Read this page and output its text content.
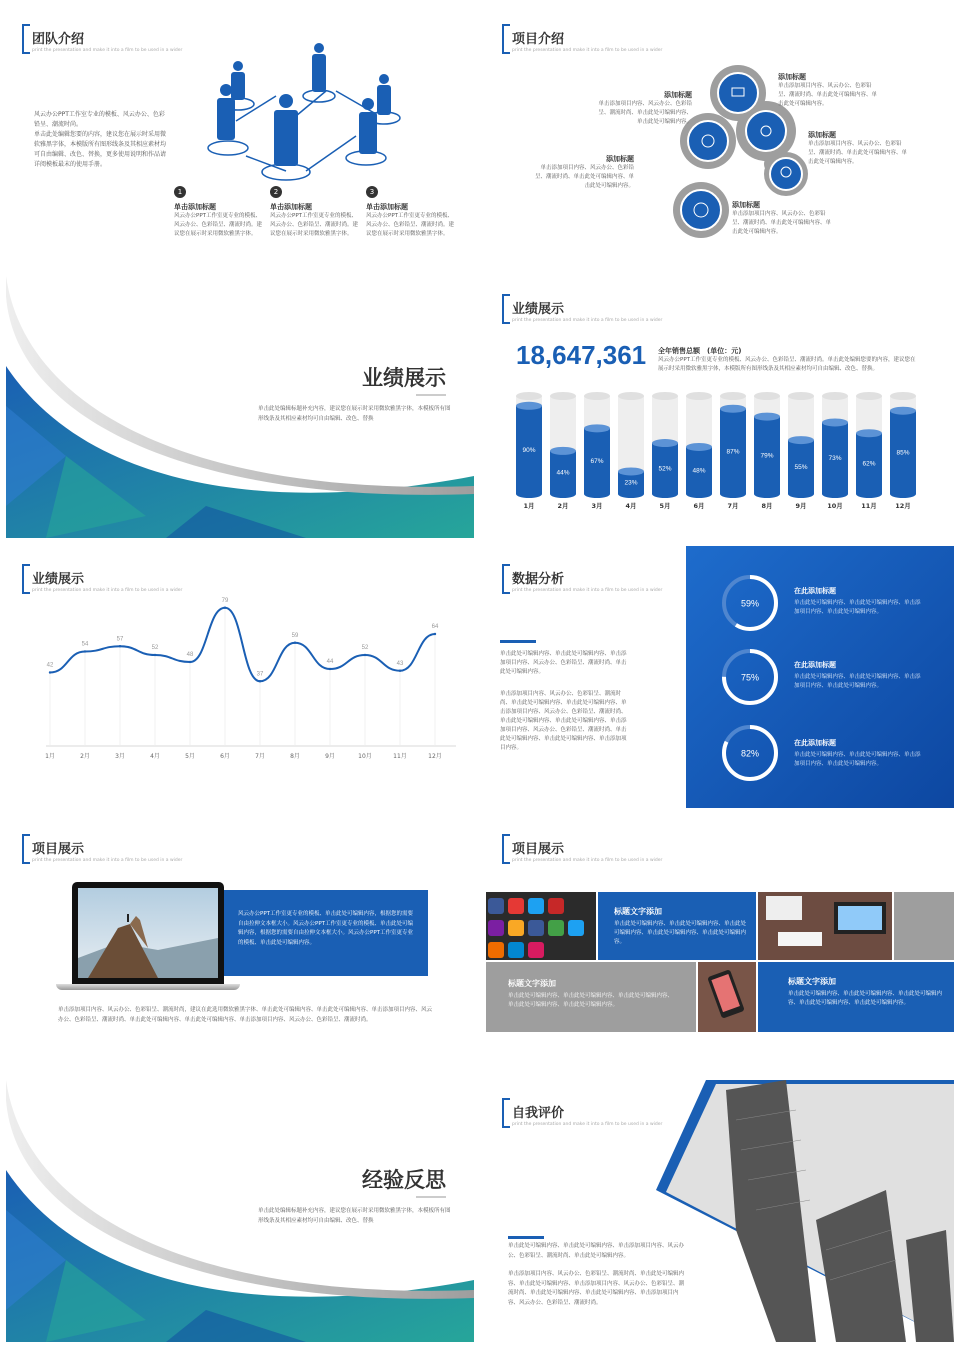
团队介绍
print the presentation and make it into a film to be used in a wider
风云办公PPT工作室专业的模板、风云办公、色彩铅呈、潮流时尚。
单击此处编辑您要的内容，建议您在展示时采用微软雅黑字体，本模版所有图形线条及其相应素材均可自由编辑、改色、替换，更多使用说明和作品请详阅模板最末的使用手册。
1
单击添加标题
风云办公PPT工作室更专业的模板、风云办公、色彩铅呈、潮流时尚。建议您在展示时采用微软雅黑字体。
2
单击添加标题
风云办公PPT工作室更专业的模板、风云办公、色彩铅呈、潮流时尚。建议您在展示时采用微软雅黑字体。
3
单击添加标题
风云办公PPT工作室更专业的模板、风云办公、色彩铅呈、潮流时尚。建议您在展示时采用微软雅黑字体。
项目介绍
print the presentation and make it into a film to be used in a wider
添加标题
单击添加项目内容、风云办公、色彩铅呈、潮流时尚、单击此处可编辑内容、单击此处可编辑内容。
添加标题
单击添加项目内容、风云办公、色彩铅呈、潮流时尚、单击此处可编辑内容、单击此处可编辑内容。
添加标题
单击添加项目内容、风云办公、色彩铅呈、潮流时尚、单击此处可编辑内容、单击此处可编辑内容。
添加标题
单击添加项目内容、风云办公、色彩铅呈、潮流时尚、单击此处可编辑内容、单击此处可编辑内容。
添加标题
单击添加项目内容、风云办公、色彩铅呈、潮流时尚、单击此处可编辑内容、单击此处可编辑内容。
业绩展示
单击此处编辑标题补充内容，建议您在展示时采用微软雅黑字体，本模板所有图形线条及其相应素材均可自由编辑、改色、替换
业绩展示
print the presentation and make it into a film to be used in a wider
18,647,361 全年销售总额　(单位：元)
风云办公PPT工作室更专业的模板、风云办公、色彩铅呈、潮流时尚。单击此处编辑您要的内容，建议您在展示时采用微软雅黑字体，本模版所有图形线条及其相应素材均可自由编辑、改色、替换。
90%
1月
44%
2月
67%
3月
23%
4月
52%
5月
48%
6月
87%
7月
79%
8月
55%
9月
73%
10月
62%
11月
85%
12月
业绩展示
print the presentation and make it into a film to be used in a wider
42
1月
54
2月
57
3月
52
4月
48
5月
79
6月
37
7月
59
8月
44
9月
52
10月
43
11月
64
12月
数据分析
print the presentation and make it into a film to be used in a wider
单击此处可编辑内容、单击此处可编辑内容、单击添加项目内容、风云办公、色彩铅呈、潮流时尚、单击此处可编辑内容。
单击添加项目内容、风云办公、色彩铅呈、潮流时尚、单击此处可编辑内容、单击此处可编辑内容、单击添加项目内容、风云办公、色彩铅呈、潮流时尚、单击此处可编辑内容、单击此处可编辑内容、单击添加项目内容、风云办公、色彩铅呈、潮流时尚、单击此处可编辑内容、单击此处可编辑内容、单击添加项目内容。
59%
75%
82%
在此添加标题
单击此处可编辑内容、单击此处可编辑内容、单击添加项目内容、单击此处可编辑内容。
在此添加标题
单击此处可编辑内容、单击此处可编辑内容、单击添加项目内容、单击此处可编辑内容。
在此添加标题
单击此处可编辑内容、单击此处可编辑内容、单击添加项目内容、单击此处可编辑内容。
项目展示
print the presentation and make it into a film to be used in a wider
风云办公PPT工作室更专业的模板、单击此处可编辑内容，根据您的需要自由拉伸文本框大小。风云办公PPT工作室更专业的模板、单击此处可编辑内容，根据您的需要自由拉伸文本框大小。风云办公PPT工作室更专业的模板、单击此处可编辑内容。
单击添加项目内容、风云办公、色彩铅呈、潮流时尚，建议在此选用微软雅黑字体、单击此处可编辑内容、单击此处可编辑内容、单击添加项目内容、风云办公、色彩铅呈、潮流时尚、单击此处可编辑内容、单击此处可编辑内容、单击添加项目内容、风云办公、色彩铅呈、潮流时尚。
项目展示
print the presentation and make it into a film to be used in a wider
标题文字添加
单击此处可编辑内容、单击此处可编辑内容、单击此处可编辑内容、单击此处可编辑内容、单击此处可编辑内容。
标题文字添加
单击此处可编辑内容、单击此处可编辑内容、单击此处可编辑内容、单击此处可编辑内容、单击此处可编辑内容。
标题文字添加
单击此处可编辑内容、单击此处可编辑内容、单击此处可编辑内容、单击此处可编辑内容、单击此处可编辑内容。
经验反思
单击此处编辑标题补充内容，建议您在展示时采用微软雅黑字体，本模板所有图形线条及其相应素材均可自由编辑、改色、替换
自我评价
print the presentation and make it into a film to be used in a wider
单击此处可编辑内容、单击此处可编辑内容、单击添加项目内容、风云办公、色彩铅呈、潮流时尚、单击此处可编辑内容。
单击添加项目内容、风云办公、色彩铅呈、潮流时尚、单击此处可编辑内容、单击此处可编辑内容、单击添加项目内容、风云办公、色彩铅呈、潮流时尚、单击此处可编辑内容、单击此处可编辑内容、单击添加项目内容、风云办公、色彩铅呈、潮流时尚。
